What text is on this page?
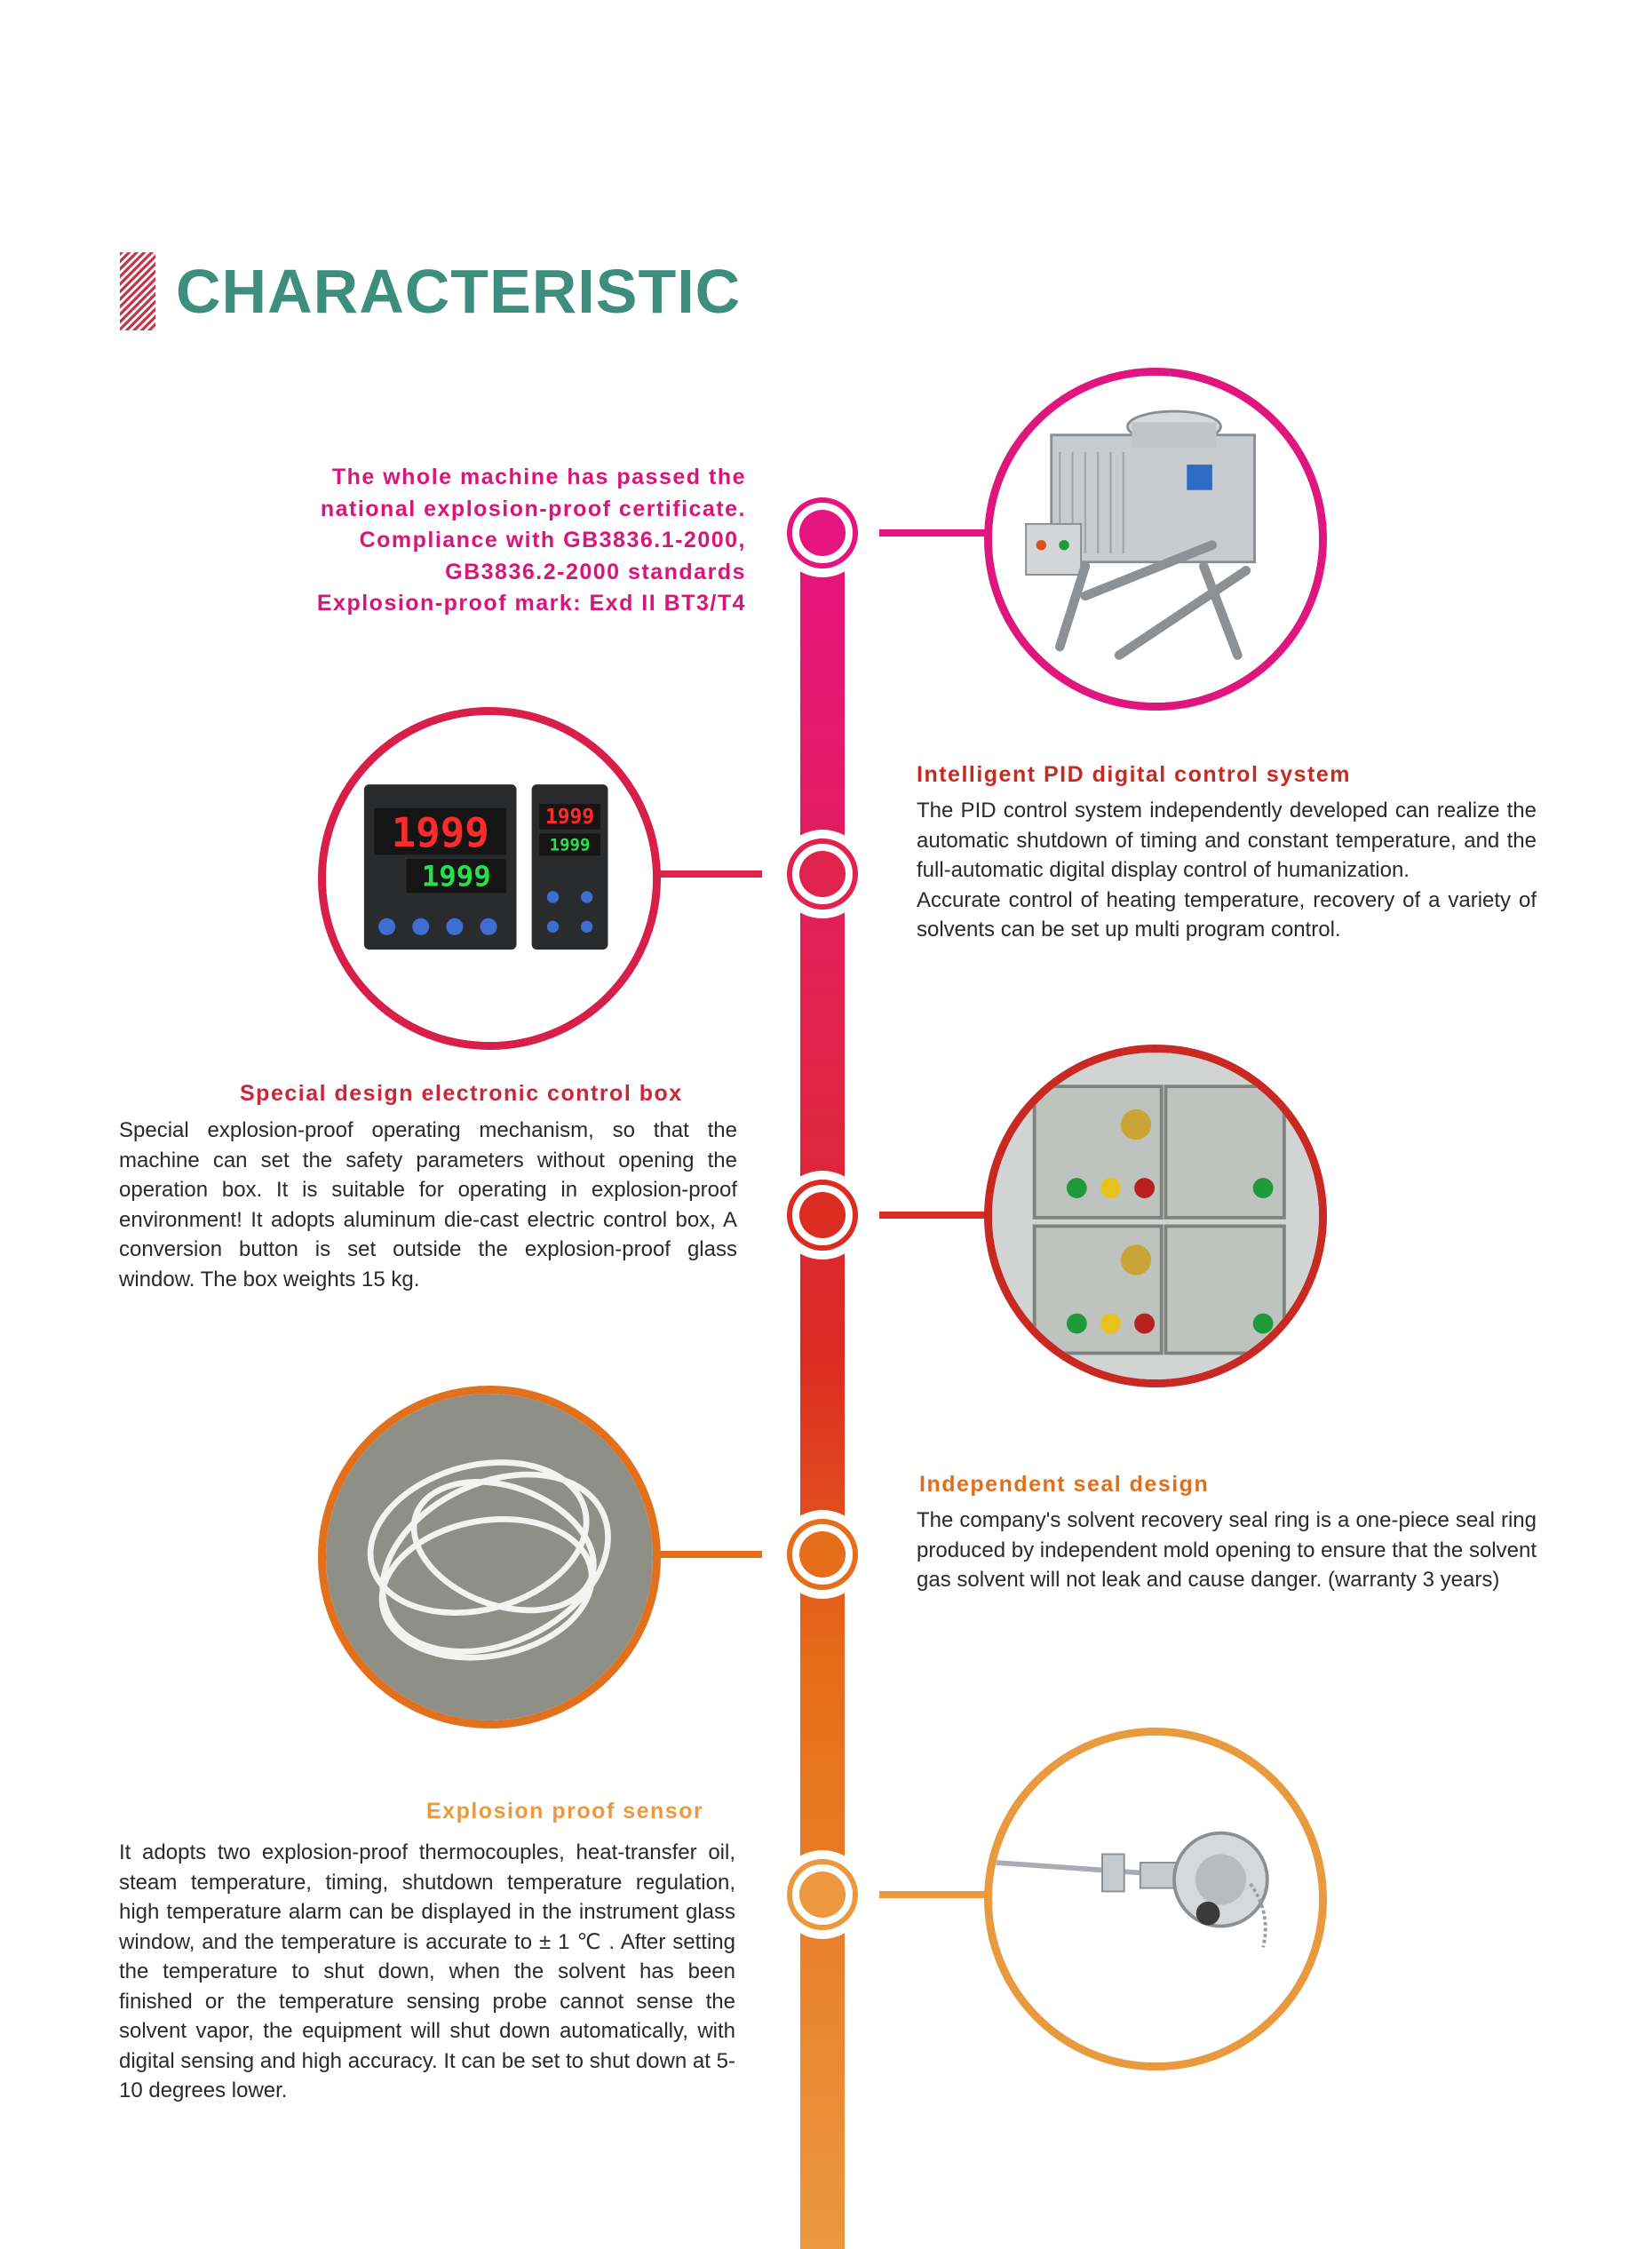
CHARACTERISTIC
The whole machine has passed the
national explosion-proof certificate.
Compliance with GB3836.1-2000,
GB3836.2-2000 standards
Explosion-proof mark: Exd II BT3/T4
Intelligent PID digital control system
The PID control system independently developed can realize the automatic shutdown of timing and constant temperature, and the full-automatic digital display control of humanization.
Accurate control of heating temperature, recovery of a variety of solvents can be set up multi program control.
1999
1999
1999
1999
Special design electronic control box
Special explosion-proof operating mechanism, so that the machine can set the safety parameters without opening the operation box. It is suitable for operating in explosion-proof environment! It adopts aluminum die-cast electric control box, A conversion button is set outside the explosion-proof glass window. The box weights 15 kg.
Independent seal design
The company's solvent recovery seal ring is a one-piece seal ring produced by independent mold opening to ensure that the solvent gas solvent will not leak and cause danger. (warranty 3 years)
Explosion proof sensor
It adopts two explosion-proof thermocouples, heat-transfer oil, steam temperature, timing, shutdown temperature regulation, high temperature alarm can be displayed in the instrument glass window, and the temperature is accurate to ± 1 ℃ . After setting the temperature to shut down, when the solvent has been finished or the temperature sensing probe cannot sense the solvent vapor, the equipment will shut down automatically, with digital sensing and high accuracy. It can be set to shut down at 5-10 degrees lower.
